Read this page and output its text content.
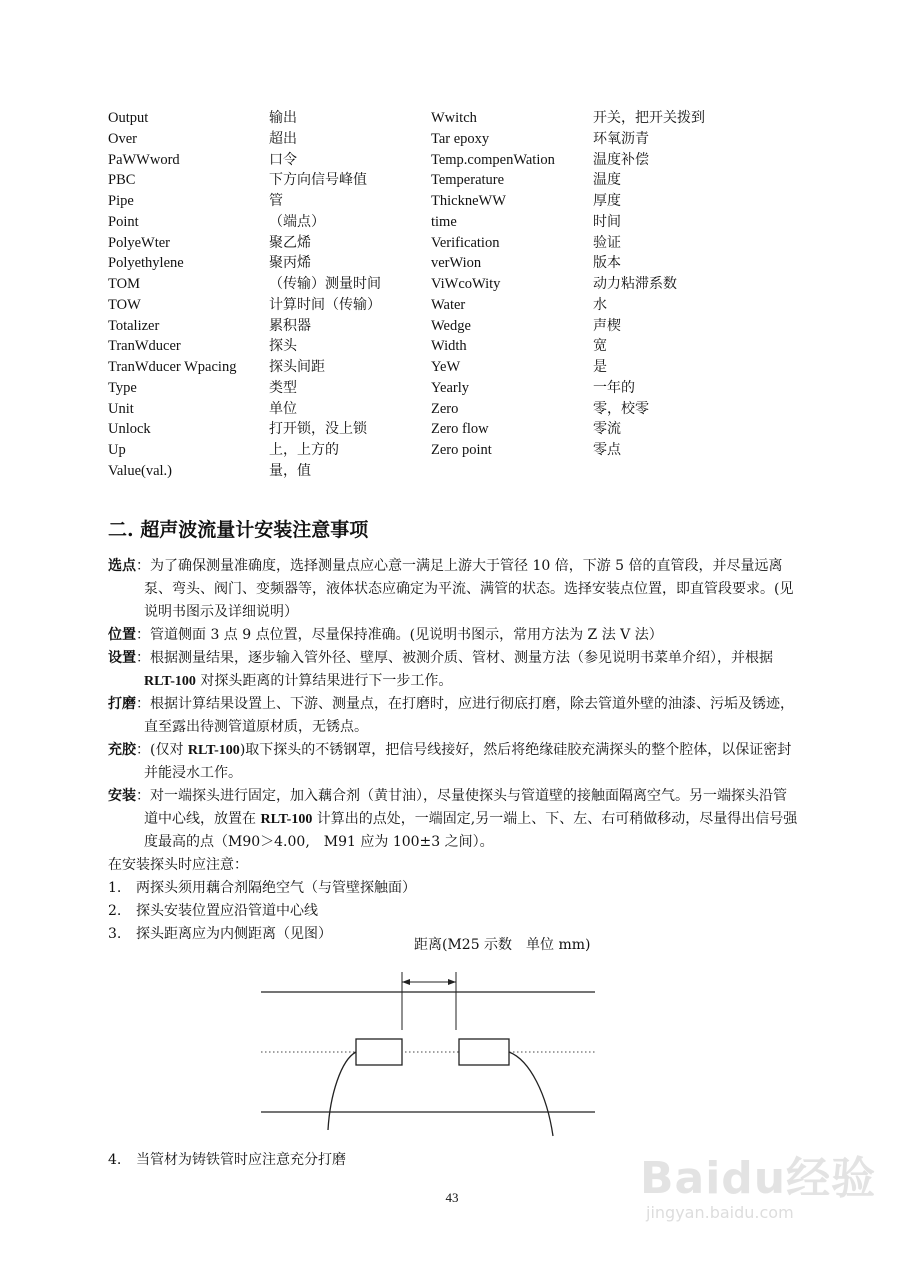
Output	输出	Wwitch	开关，把开关拨到
Over	超出	Tar epoxy	环氧沥青
PaWWword	口令	Temp.compenWation	温度补偿
PBC	下方向信号峰值	Temperature	温度
Pipe	管	ThickneWW	厚度
Point	（端点）	time	时间
PolyeWter	聚乙烯	Verification	验证
Polyethylene	聚丙烯	verWion	版本
TOM	（传输）测量时间	ViWcoWity	动力粘滞系数
TOW	计算时间（传输）	Water	水
Totalizer	累积器	Wedge	声楔
TranWducer	探头	Width	宽
TranWducer Wpacing 探头间距	YeW	是
Type	类型	Yearly	一年的
Unit	单位	Zero	零，校零
Unlock	打开锁，没上锁	Zero flow	零流
Up	上，上方的	Zero point	零点
Value(val.)	量，值
二. 超声波流量计安装注意事项

选点：为了确保测量准确度，选择测量点应心意一满足上游大于管径 10 倍，下游 5 倍的直管段，并尽量远离泵、弯头、阀门、变频器等，液体状态应确定为平流、满管的状态。选择安装点位置，即直管段要求。(见说明书图示及详细说明）

位置：管道侧面 3 点 9 点位置，尽量保持准确。(见说明书图示，常用方法为 Z 法 V 法）

设置：根据测量结果，逐步输入管外径、壁厚、被测介质、管材、测量方法（参见说明书菜单介绍），并根据 RLT-100 对探头距离的计算结果进行下一步工作。

打磨：根据计算结果设置上、下游、测量点，在打磨时，应进行彻底打磨，除去管道外壁的油漆、污垢及锈迹，直至露出待测管道原材质，无锈点。

充胶：(仅对 RLT-100)取下探头的不锈钢罩，把信号线接好，然后将绝缘硅胶充满探头的整个腔体，以保证密封并能浸水工作。

安装：对一端探头进行固定，加入藕合剂（黄甘油），尽量使探头与管道壁的接触面隔离空气。另一端探头沿管道中心线，放置在 RLT-100 计算出的点处，一端固定,另一端上、下、左、右可稍做移动，尽量得出信号强度最高的点（M90＞4.00,　M91 应为 100±3 之间）。

在安装探头时应注意：

1. 两探头须用藕合剂隔绝空气（与管壁探触面）

2. 探头安装位置应沿管道中心线

3. 探头距离应为内侧距离（见图）

距离(M25 示数　单位 mm)
4. 当管材为铸铁管时应注意充分打磨
43	Baidu经验
jingyan.baidu.com
